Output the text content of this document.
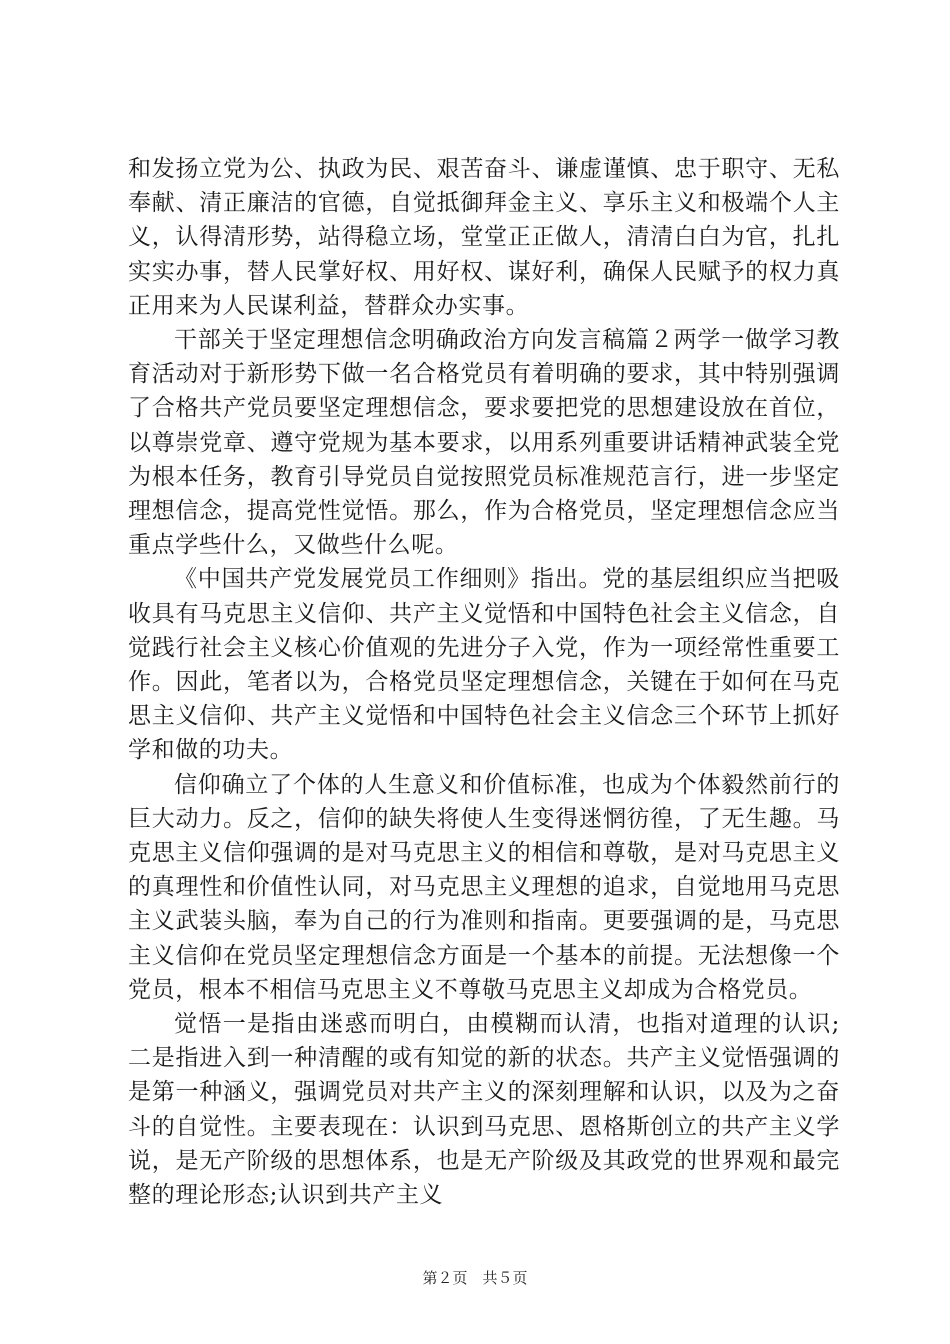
和发扬立党为公、执政为民、艰苦奋斗、谦虚谨慎、忠于职守、无私奉献、清正廉洁的官德，自觉抵御拜金主义、享乐主义和极端个人主义，认得清形势，站得稳立场，堂堂正正做人，清清白白为官，扎扎实实办事，替人民掌好权、用好权、谋好利，确保人民赋予的权力真正用来为人民谋利益，替群众办实事。

干部关于坚定理想信念明确政治方向发言稿篇２两学一做学习教育活动对于新形势下做一名合格党员有着明确的要求，其中特别强调了合格共产党员要坚定理想信念，要求要把党的思想建设放在首位，以尊崇党章、遵守党规为基本要求，以用系列重要讲话精神武装全党为根本任务，教育引导党员自觉按照党员标准规范言行，进一步坚定理想信念，提高党性觉悟。那么，作为合格党员，坚定理想信念应当重点学些什么，又做些什么呢。

《中国共产党发展党员工作细则》指出。党的基层组织应当把吸收具有马克思主义信仰、共产主义觉悟和中国特色社会主义信念，自觉践行社会主义核心价值观的先进分子入党，作为一项经常性重要工作。因此，笔者以为，合格党员坚定理想信念，关键在于如何在马克思主义信仰、共产主义觉悟和中国特色社会主义信念三个环节上抓好学和做的功夫。

信仰确立了个体的人生意义和价值标准，也成为个体毅然前行的巨大动力。反之，信仰的缺失将使人生变得迷惘彷徨，了无生趣。马克思主义信仰强调的是对马克思主义的相信和尊敬，是对马克思主义的真理性和价值性认同，对马克思主义理想的追求，自觉地用马克思主义武装头脑，奉为自己的行为准则和指南。更要强调的是，马克思主义信仰在党员坚定理想信念方面是一个基本的前提。无法想像一个党员，根本不相信马克思主义不尊敬马克思主义却成为合格党员。

觉悟一是指由迷惑而明白，由模糊而认清，也指对道理的认识;二是指进入到一种清醒的或有知觉的新的状态。共产主义觉悟强调的是第一种涵义，强调党员对共产主义的深刻理解和认识，以及为之奋斗的自觉性。主要表现在：认识到马克思、恩格斯创立的共产主义学说，是无产阶级的思想体系，也是无产阶级及其政党的世界观和最完整的理论形态;认识到共产主义

第２页　共５页
